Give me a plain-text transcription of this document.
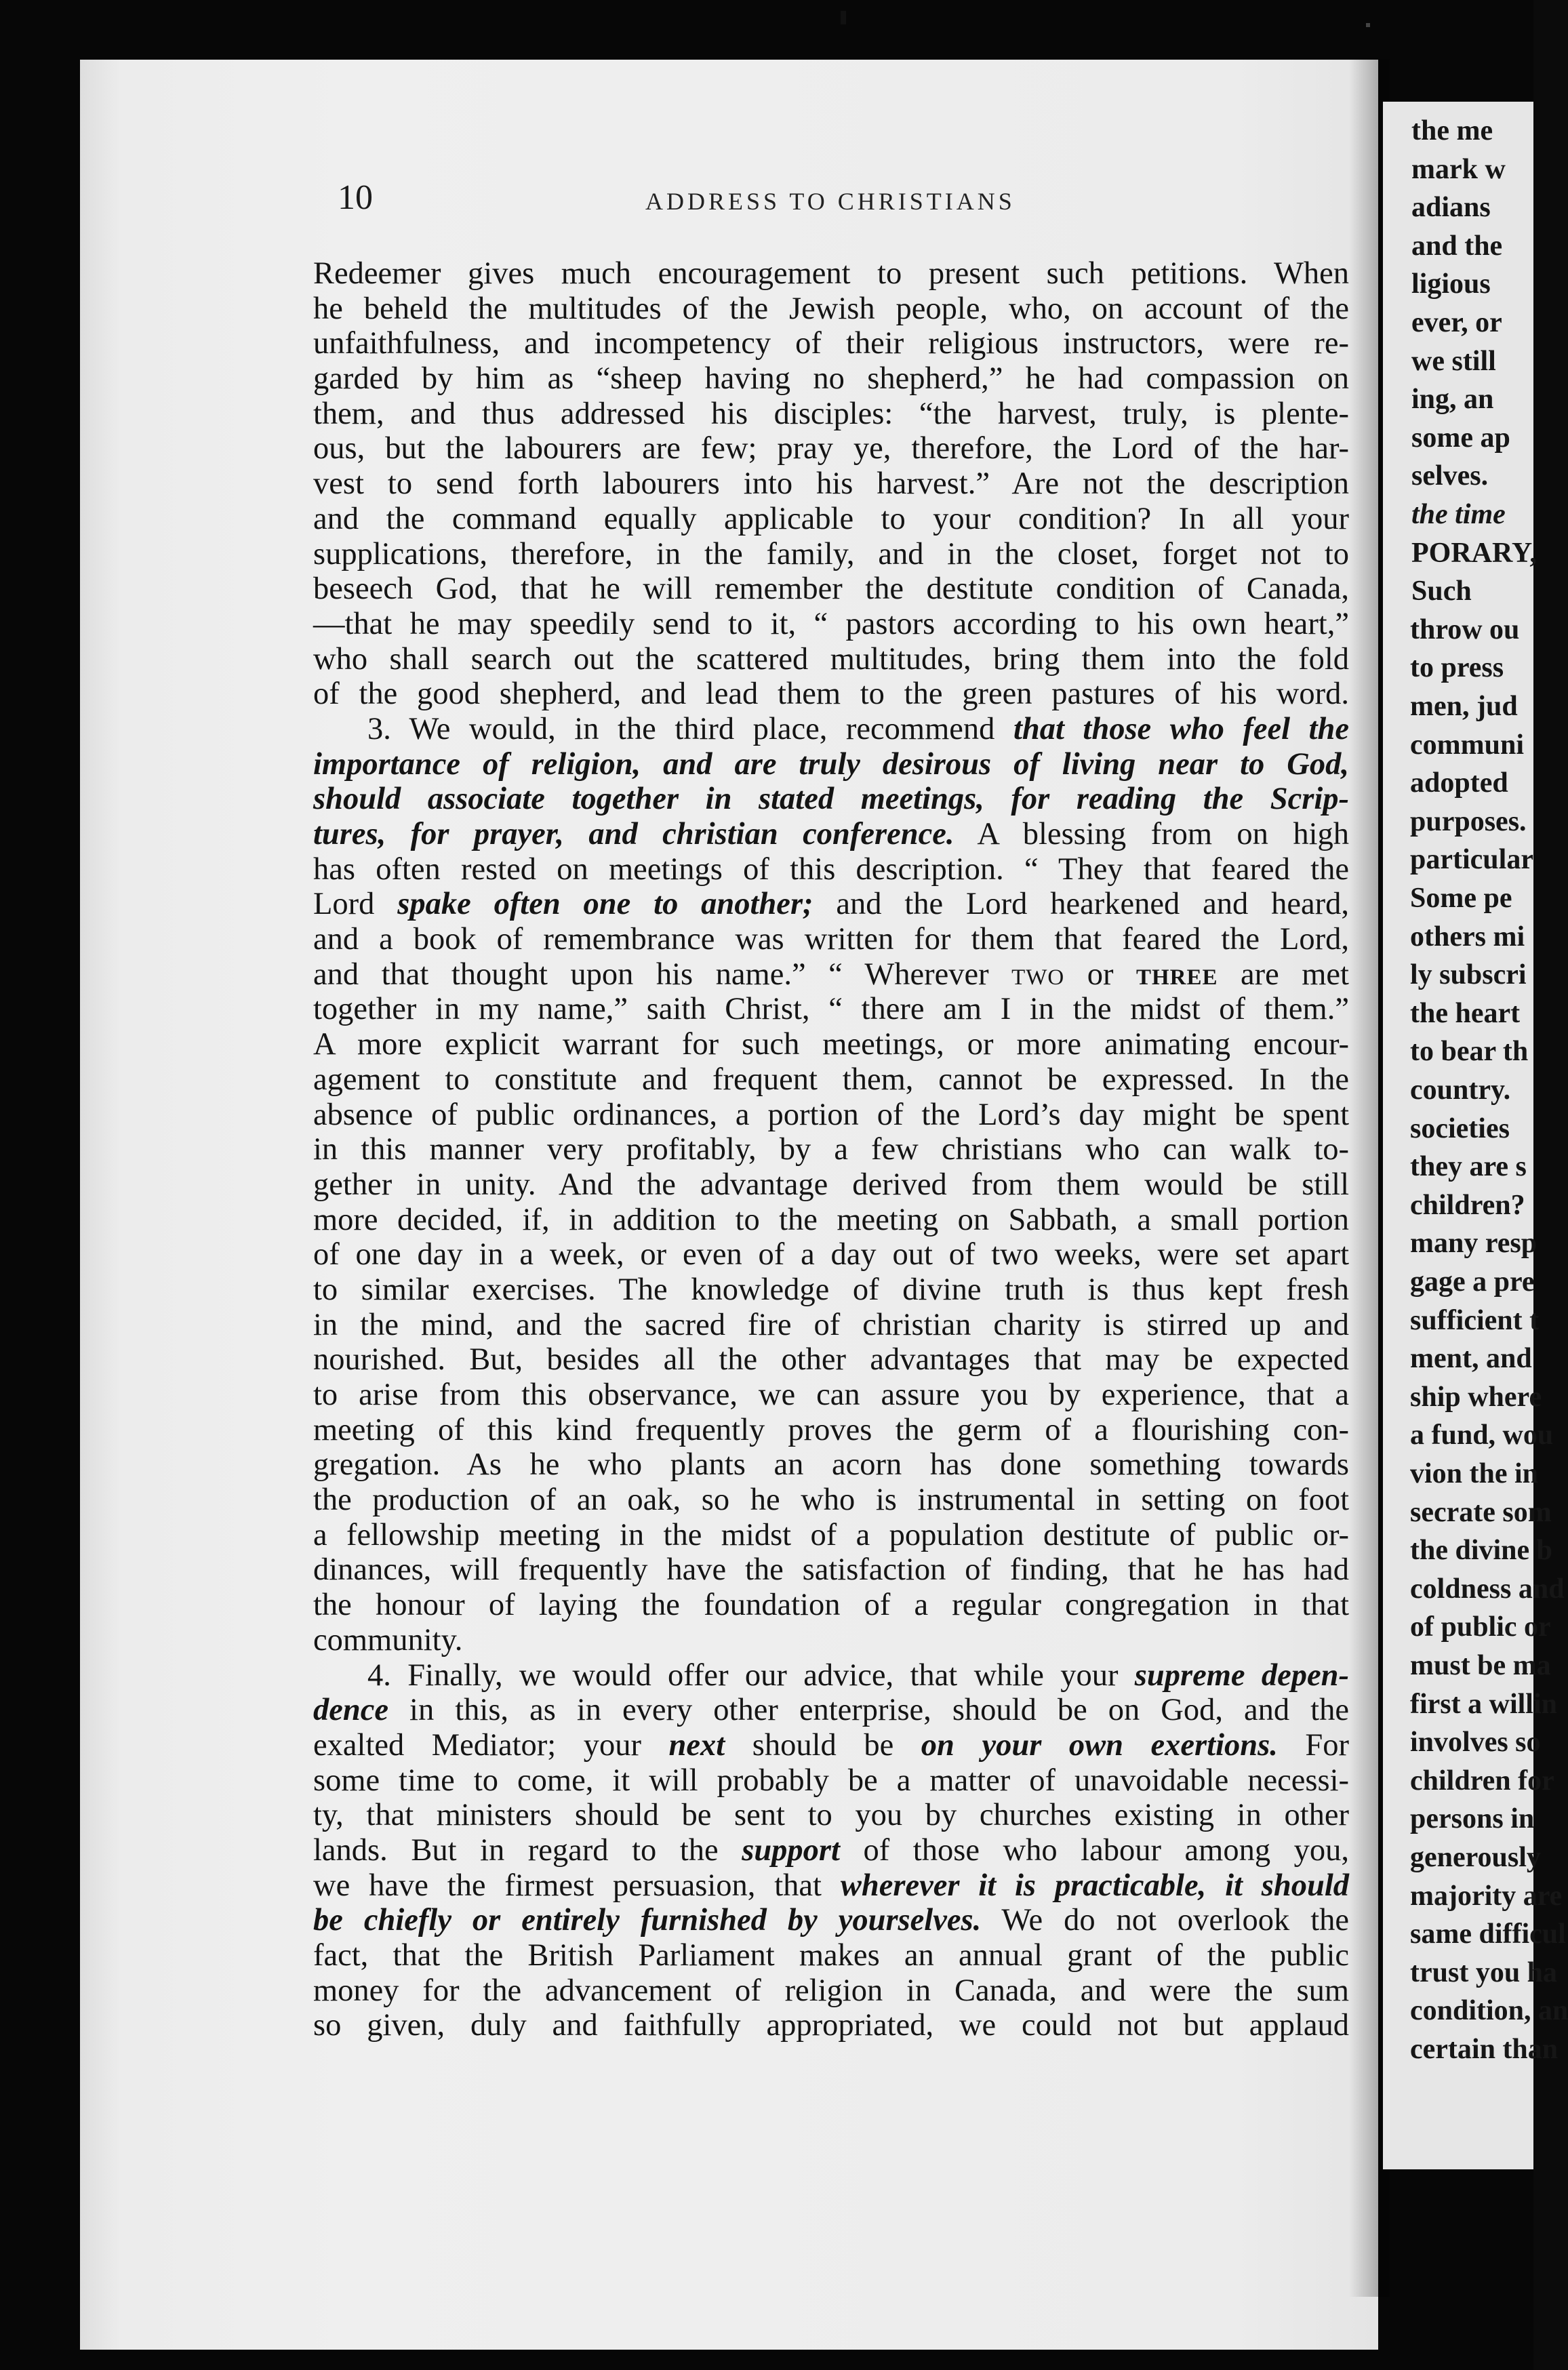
the me
mark w
adians
and the
ligious
ever, or
we still
ing, an
some ap
selves.
the time
PORARY,
Such
throw ou
to press
men, jud
communi
adopted
purposes.
particular
Some pe
others mi
ly subscri
the heart
to bear th
country.
societies
they are s
children?
many resp
gage a pre
sufficient t
ment, and
ship where
a fund, wou
vion the in
secrate som
the divine b
coldness and
of public or
must be ma
first a willin
involves so
children for
persons in
generously
majority are
same difficul
trust you ha
condition, an
certain than
10	ADDRESS TO CHRISTIANS
Redeemer gives much encouragement to present such petitions. When
he beheld the multitudes of the Jewish people, who, on account of the
unfaithfulness, and incompetency of their religious instructors, were re-
garded by him as “sheep having no shepherd,” he had compassion on
them, and thus addressed his disciples: “the harvest, truly, is plente-
ous, but the labourers are few; pray ye, therefore, the Lord of the har-
vest to send forth labourers into his harvest.” Are not the description
and the command equally applicable to your condition? In all your
supplications, therefore, in the family, and in the closet, forget not to
beseech God, that he will remember the destitute condition of Canada,
—that he may speedily send to it, “ pastors according to his own heart,”
who shall search out the scattered multitudes, bring them into the fold
of the good shepherd, and lead them to the green pastures of his word.
3. We would, in the third place, recommend that those who feel the
importance of religion, and are truly desirous of living near to God,
should associate together in stated meetings, for reading the Scrip-
tures, for prayer, and christian conference. A blessing from on high
has often rested on meetings of this description. “ They that feared the
Lord spake often one to another; and the Lord hearkened and heard,
and a book of remembrance was written for them that feared the Lord,
and that thought upon his name.” “ Wherever two or three are met
together in my name,” saith Christ, “ there am I in the midst of them.”
A more explicit warrant for such meetings, or more animating encour-
agement to constitute and frequent them, cannot be expressed. In the
absence of public ordinances, a portion of the Lord’s day might be spent
in this manner very profitably, by a few christians who can walk to-
gether in unity. And the advantage derived from them would be still
more decided, if, in addition to the meeting on Sabbath, a small portion
of one day in a week, or even of a day out of two weeks, were set apart
to similar exercises. The knowledge of divine truth is thus kept fresh
in the mind, and the sacred fire of christian charity is stirred up and
nourished. But, besides all the other advantages that may be expected
to arise from this observance, we can assure you by experience, that a
meeting of this kind frequently proves the germ of a flourishing con-
gregation. As he who plants an acorn has done something towards
the production of an oak, so he who is instrumental in setting on foot
a fellowship meeting in the midst of a population destitute of public or-
dinances, will frequently have the satisfaction of finding, that he has had
the honour of laying the foundation of a regular congregation in that
community.
4. Finally, we would offer our advice, that while your supreme depen-
dence in this, as in every other enterprise, should be on God, and the
exalted Mediator; your next should be on your own exertions. For
some time to come, it will probably be a matter of unavoidable necessi-
ty, that ministers should be sent to you by churches existing in other
lands. But in regard to the support of those who labour among you,
we have the firmest persuasion, that wherever it is practicable, it should
be chiefly or entirely furnished by yourselves. We do not overlook the
fact, that the British Parliament makes an annual grant of the public
money for the advancement of religion in Canada, and were the sum
so given, duly and faithfully appropriated, we could not but applaud
